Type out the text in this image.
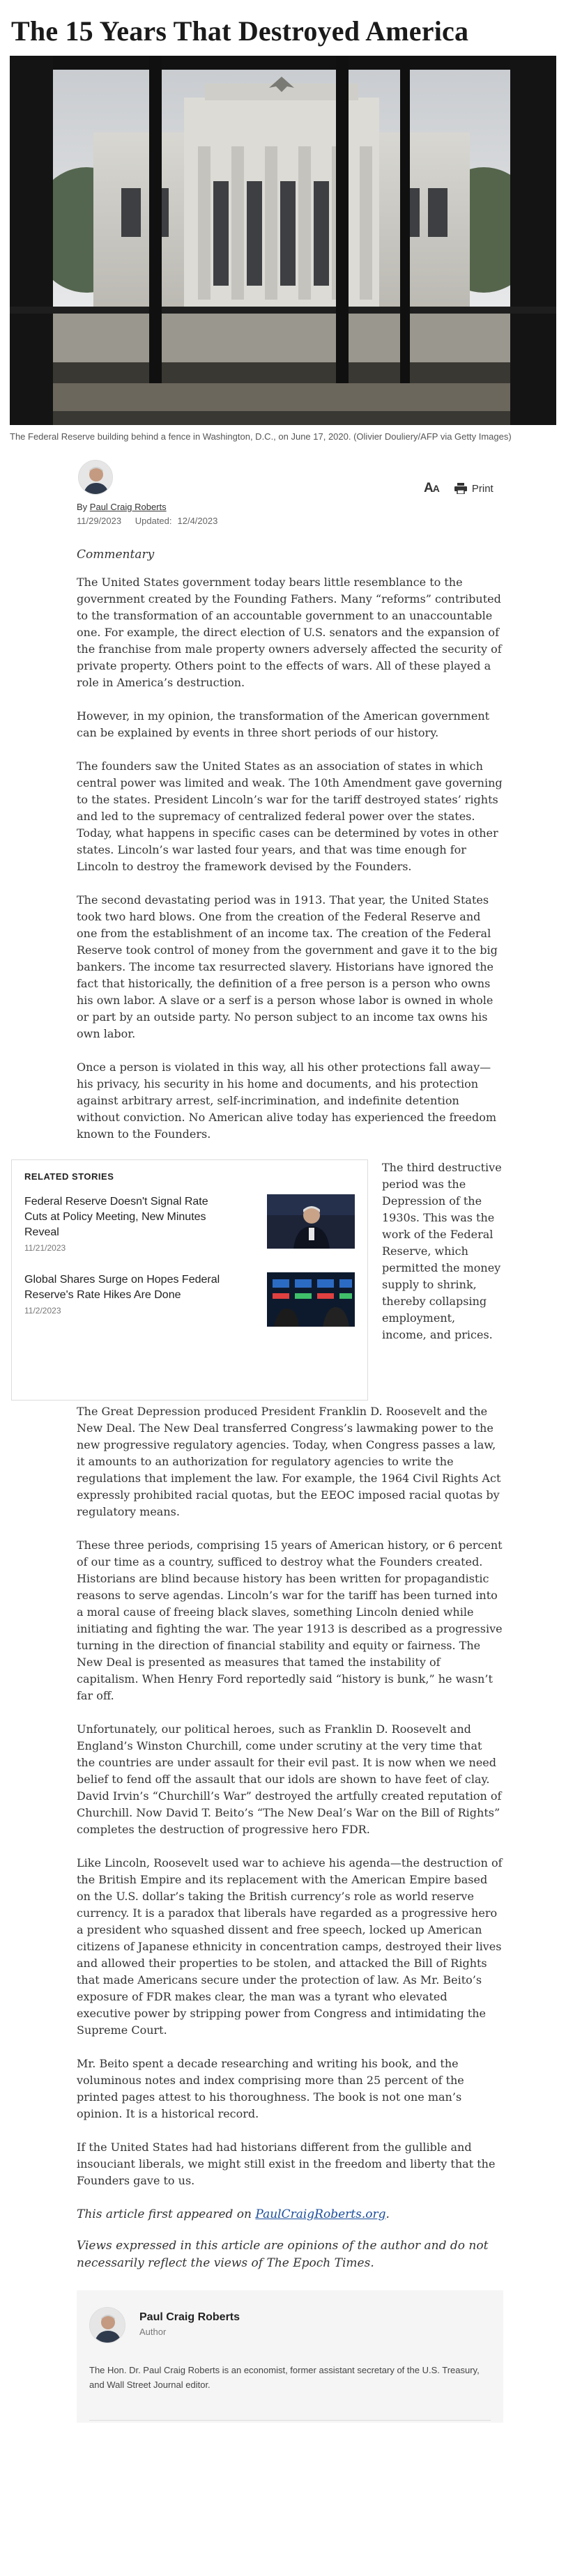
The 15 Years That Destroyed America
The Federal Reserve building behind a fence in Washington, D.C., on June 17, 2020. (Olivier Douliery/AFP via Getty Images)
By Paul Craig Roberts
11/29/2023 Updated: 12/4/2023
AA	Print
Commentary

The United States government today bears little resemblance to the government created by the Founding Fathers. Many “reforms” contributed to the transformation of an accountable government to an unaccountable one. For example, the direct election of U.S. senators and the expansion of the franchise from male property owners adversely affected the security of private property. Others point to the effects of wars. All of these played a role in America’s destruction.

However, in my opinion, the transformation of the American government can be explained by events in three short periods of our history.

The founders saw the United States as an association of states in which central power was limited and weak. The 10th Amendment gave governing to the states. President Lincoln’s war for the tariff destroyed states’ rights and led to the supremacy of centralized federal power over the states. Today, what happens in specific cases can be determined by votes in other states. Lincoln’s war lasted four years, and that was time enough for Lincoln to destroy the framework devised by the Founders.

The second devastating period was in 1913. That year, the United States took two hard blows. One from the creation of the Federal Reserve and one from the establishment of an income tax. The creation of the Federal Reserve took control of money from the government and gave it to the big bankers. The income tax resurrected slavery. Historians have ignored the fact that historically, the definition of a free person is a person who owns his own labor. A slave or a serf is a person whose labor is owned in whole or part by an outside party. No person subject to an income tax owns his own labor.

Once a person is violated in this way, all his other protections fall away—his privacy, his security in his home and documents, and his protection against arbitrary arrest, self-incrimination, and indefinite detention without conviction. No American alive today has experienced the freedom known to the Founders.

RELATED STORIES
Federal Reserve Doesn't Signal Rate Cuts at Policy Meeting, New Minutes Reveal
11/21/2023
Global Shares Surge on Hopes Federal Reserve's Rate Hikes Are Done
11/2/2023
The third destructive period was the Depression of the 1930s. This was the work of the Federal Reserve, which permitted the money supply to shrink, thereby collapsing employment, income, and prices.

The Great Depression produced President Franklin D. Roosevelt and the New Deal. The New Deal transferred Congress’s lawmaking power to the new progressive regulatory agencies. Today, when Congress passes a law, it amounts to an authorization for regulatory agencies to write the regulations that implement the law. For example, the 1964 Civil Rights Act expressly prohibited racial quotas, but the EEOC imposed racial quotas by regulatory means.

These three periods, comprising 15 years of American history, or 6 percent of our time as a country, sufficed to destroy what the Founders created. Historians are blind because history has been written for propagandistic reasons to serve agendas. Lincoln’s war for the tariff has been turned into a moral cause of freeing black slaves, something Lincoln denied while initiating and fighting the war. The year 1913 is described as a progressive turning in the direction of financial stability and equity or fairness. The New Deal is presented as measures that tamed the instability of capitalism. When Henry Ford reportedly said “history is bunk,” he wasn’t far off.

Unfortunately, our political heroes, such as Franklin D. Roosevelt and England’s Winston Churchill, come under scrutiny at the very time that the countries are under assault for their evil past. It is now when we need belief to fend off the assault that our idols are shown to have feet of clay. David Irvin’s “Churchill’s War” destroyed the artfully created reputation of Churchill. Now David T. Beito’s “The New Deal’s War on the Bill of Rights” completes the destruction of progressive hero FDR.

Like Lincoln, Roosevelt used war to achieve his agenda—the destruction of the British Empire and its replacement with the American Empire based on the U.S. dollar’s taking the British currency’s role as world reserve currency. It is a paradox that liberals have regarded as a progressive hero a president who squashed dissent and free speech, locked up American citizens of Japanese ethnicity in concentration camps, destroyed their lives and allowed their properties to be stolen, and attacked the Bill of Rights that made Americans secure under the protection of law. As Mr. Beito’s exposure of FDR makes clear, the man was a tyrant who elevated executive power by stripping power from Congress and intimidating the Supreme Court.

Mr. Beito spent a decade researching and writing his book, and the voluminous notes and index comprising more than 25 percent of the printed pages attest to his thoroughness. The book is not one man’s opinion. It is a historical record.

If the United States had had historians different from the gullible and insouciant liberals, we might still exist in the freedom and liberty that the Founders gave to us.

This article first appeared on PaulCraigRoberts.org.
Views expressed in this article are opinions of the author and do not necessarily reflect the views of The Epoch Times.
Paul Craig Roberts
Author
The Hon. Dr. Paul Craig Roberts is an economist, former assistant secretary of the U.S. Treasury, and Wall Street Journal editor.
